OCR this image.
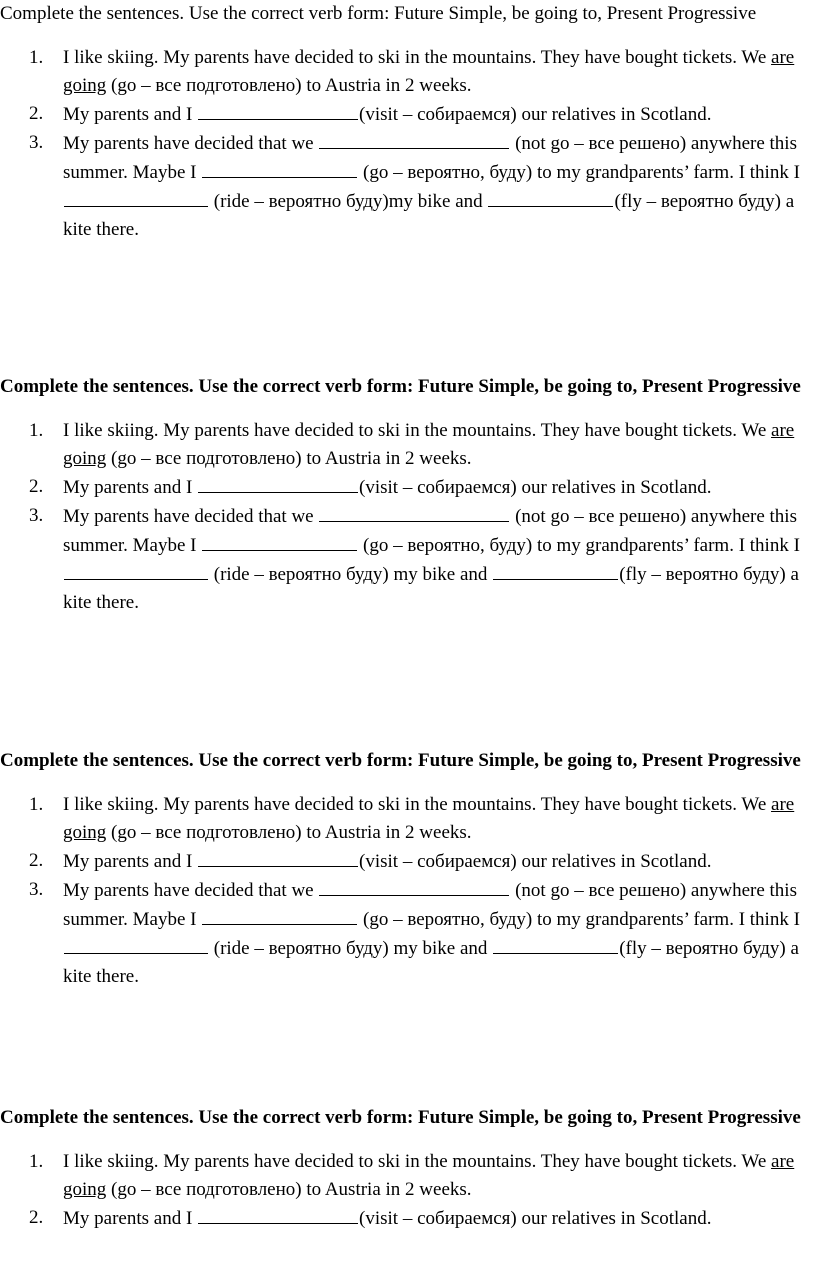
Complete the sentences. Use the correct verb form: Future Simple, be going to, Present Progressive

1. I like skiing. My parents have decided to ski in the mountains. They have bought tickets. We are going (go – все подготовлено) to Austria in 2 weeks.
2. My parents and I	(visit – собираемся) our relatives in Scotland.
3. My parents have decided that we	(not go – все решено) anywhere this summer. Maybe I	(go – вероятно, буду) to my grandparents’ farm. I think I  (ride – вероятно буду)my bike and	(fly – вероятно буду) a kite there.

Complete the sentences. Use the correct verb form: Future Simple, be going to, Present Progressive

1. I like skiing. My parents have decided to ski in the mountains. They have bought tickets. We are going (go – все подготовлено) to Austria in 2 weeks.
2. My parents and I	(visit – собираемся) our relatives in Scotland.
3. My parents have decided that we	(not go – все решено) anywhere this summer. Maybe I	(go – вероятно, буду) to my grandparents’ farm. I think I  (ride – вероятно буду) my bike and	(fly – вероятно буду) a kite there.

Complete the sentences. Use the correct verb form: Future Simple, be going to, Present Progressive

1. I like skiing. My parents have decided to ski in the mountains. They have bought tickets. We are going (go – все подготовлено) to Austria in 2 weeks.
2. My parents and I	(visit – собираемся) our relatives in Scotland.
3. My parents have decided that we	(not go – все решено) anywhere this summer. Maybe I	(go – вероятно, буду) to my grandparents’ farm. I think I  (ride – вероятно буду) my bike and	(fly – вероятно буду) a kite there.

Complete the sentences. Use the correct verb form: Future Simple, be going to, Present Progressive

1. I like skiing. My parents have decided to ski in the mountains. They have bought tickets. We are going (go – все подготовлено) to Austria in 2 weeks.
2. My parents and I	(visit – собираемся) our relatives in Scotland.
